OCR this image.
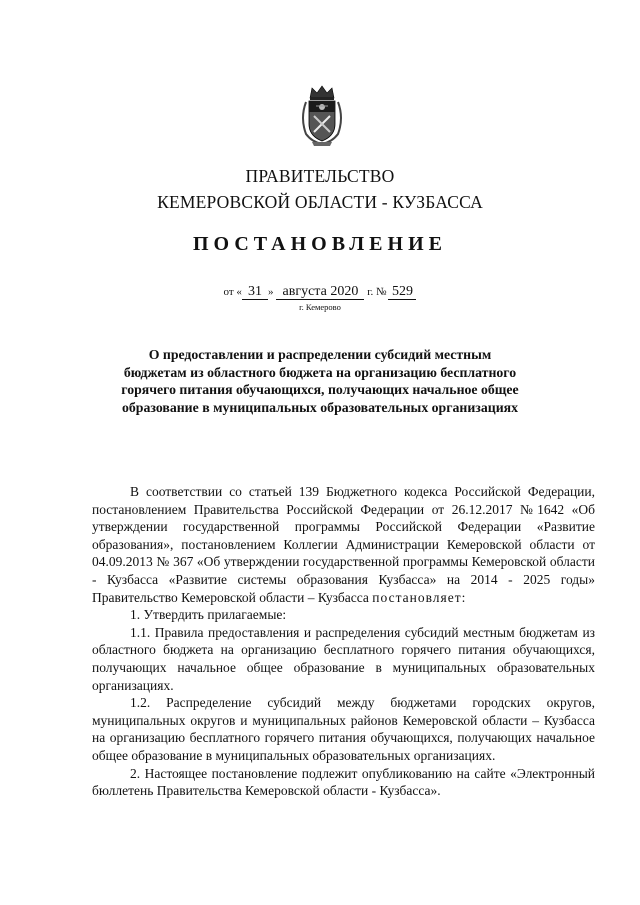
ПРАВИТЕЛЬСТВО
КЕМЕРОВСКОЙ ОБЛАСТИ - КУЗБАССА
ПОСТАНОВЛЕНИЕ
от « 31 » августа 2020 г. № 529
г. Кемерово
О предоставлении и распределении субсидий местным бюджетам из областного бюджета на организацию бесплатного горячего питания обучающихся, получающих начальное общее образование в муниципальных образовательных организациях

В соответствии со статьей 139 Бюджетного кодекса Российской Федерации, постановлением Правительства Российской Федерации от 26.12.2017 №1642 «Об утверждении государственной программы Российской Федерации «Развитие образования», постановлением Коллегии Администрации Кемеровской области от 04.09.2013 № 367 «Об утверждении государственной программы Кемеровской области - Кузбасса «Развитие системы образования Кузбасса» на 2014 - 2025 годы» Правительство Кемеровской области – Кузбасса постановляет:

1. Утвердить прилагаемые:

1.1. Правила предоставления и распределения субсидий местным бюджетам из областного бюджета на организацию бесплатного горячего питания обучающихся, получающих начальное общее образование в муниципальных образовательных организациях.

1.2. Распределение субсидий между бюджетами городских округов, муниципальных округов и муниципальных районов Кемеровской области – Кузбасса на организацию бесплатного горячего питания обучающихся, получающих начальное общее образование в муниципальных образовательных организациях.

2. Настоящее постановление подлежит опубликованию на сайте «Электронный бюллетень Правительства Кемеровской области - Кузбасса».
